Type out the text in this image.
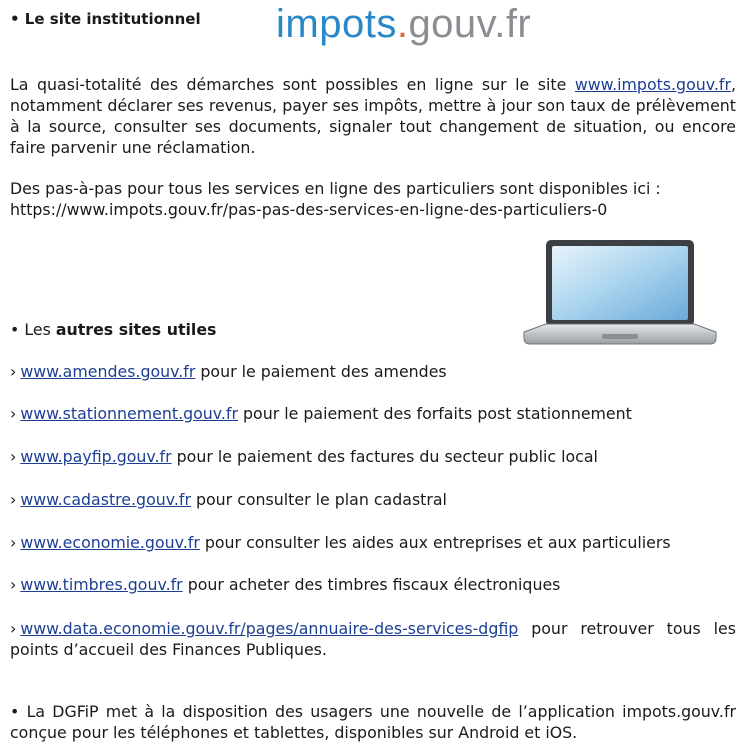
• Le site institutionnel impots.gouv.fr
La quasi-totalité des démarches sont possibles en ligne sur le site www.impots.gouv.fr, notamment déclarer ses revenus, payer ses impôts, mettre à jour son taux de prélèvement à la source, consulter ses documents, signaler tout changement de situation, ou encore faire parvenir une réclamation.
Des pas-à-pas pour tous les services en ligne des particuliers sont disponibles ici :
https://www.impots.gouv.fr/pas-pas-des-services-en-ligne-des-particuliers-0
• Les autres sites utiles
› www.amendes.gouv.fr pour le paiement des amendes
› www.stationnement.gouv.fr pour le paiement des forfaits post stationnement
› www.payfip.gouv.fr pour le paiement des factures du secteur public local
› www.cadastre.gouv.fr pour consulter le plan cadastral
› www.economie.gouv.fr pour consulter les aides aux entreprises et aux particuliers
› www.timbres.gouv.fr pour acheter des timbres fiscaux électroniques
› www.data.economie.gouv.fr/pages/annuaire-des-services-dgfip pour retrouver tous les points d’accueil des Finances Publiques.
• La DGFiP met à la disposition des usagers une nouvelle de l’application impots.gouv.fr conçue pour les téléphones et tablettes, disponibles sur Android et iOS.
